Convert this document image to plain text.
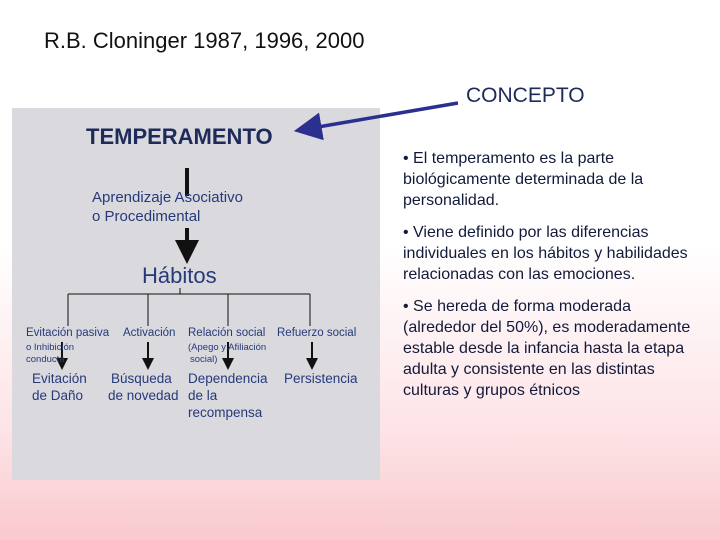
R.B. Cloninger 1987, 1996, 2000
CONCEPTO
TEMPERAMENTO
Aprendizaje Asociativo
o Procedimental
Hábitos
Evitación pasiva Activación Relación social Refuerzo social
o Inhibición
conducta
(Apego y Afiliación
social)
Evitación
de Daño
Búsqueda
de novedad
Dependencia
de la
recompensa
Persistencia
• El temperamento es la parte biológicamente determinada de la personalidad.
• Viene definido por las diferencias individuales en los hábitos y habilidades relacionadas con las emociones.
• Se hereda de forma moderada (alrededor del 50%), es moderadamente estable desde la infancia hasta la etapa adulta y consistente en las distintas culturas y grupos étnicos
